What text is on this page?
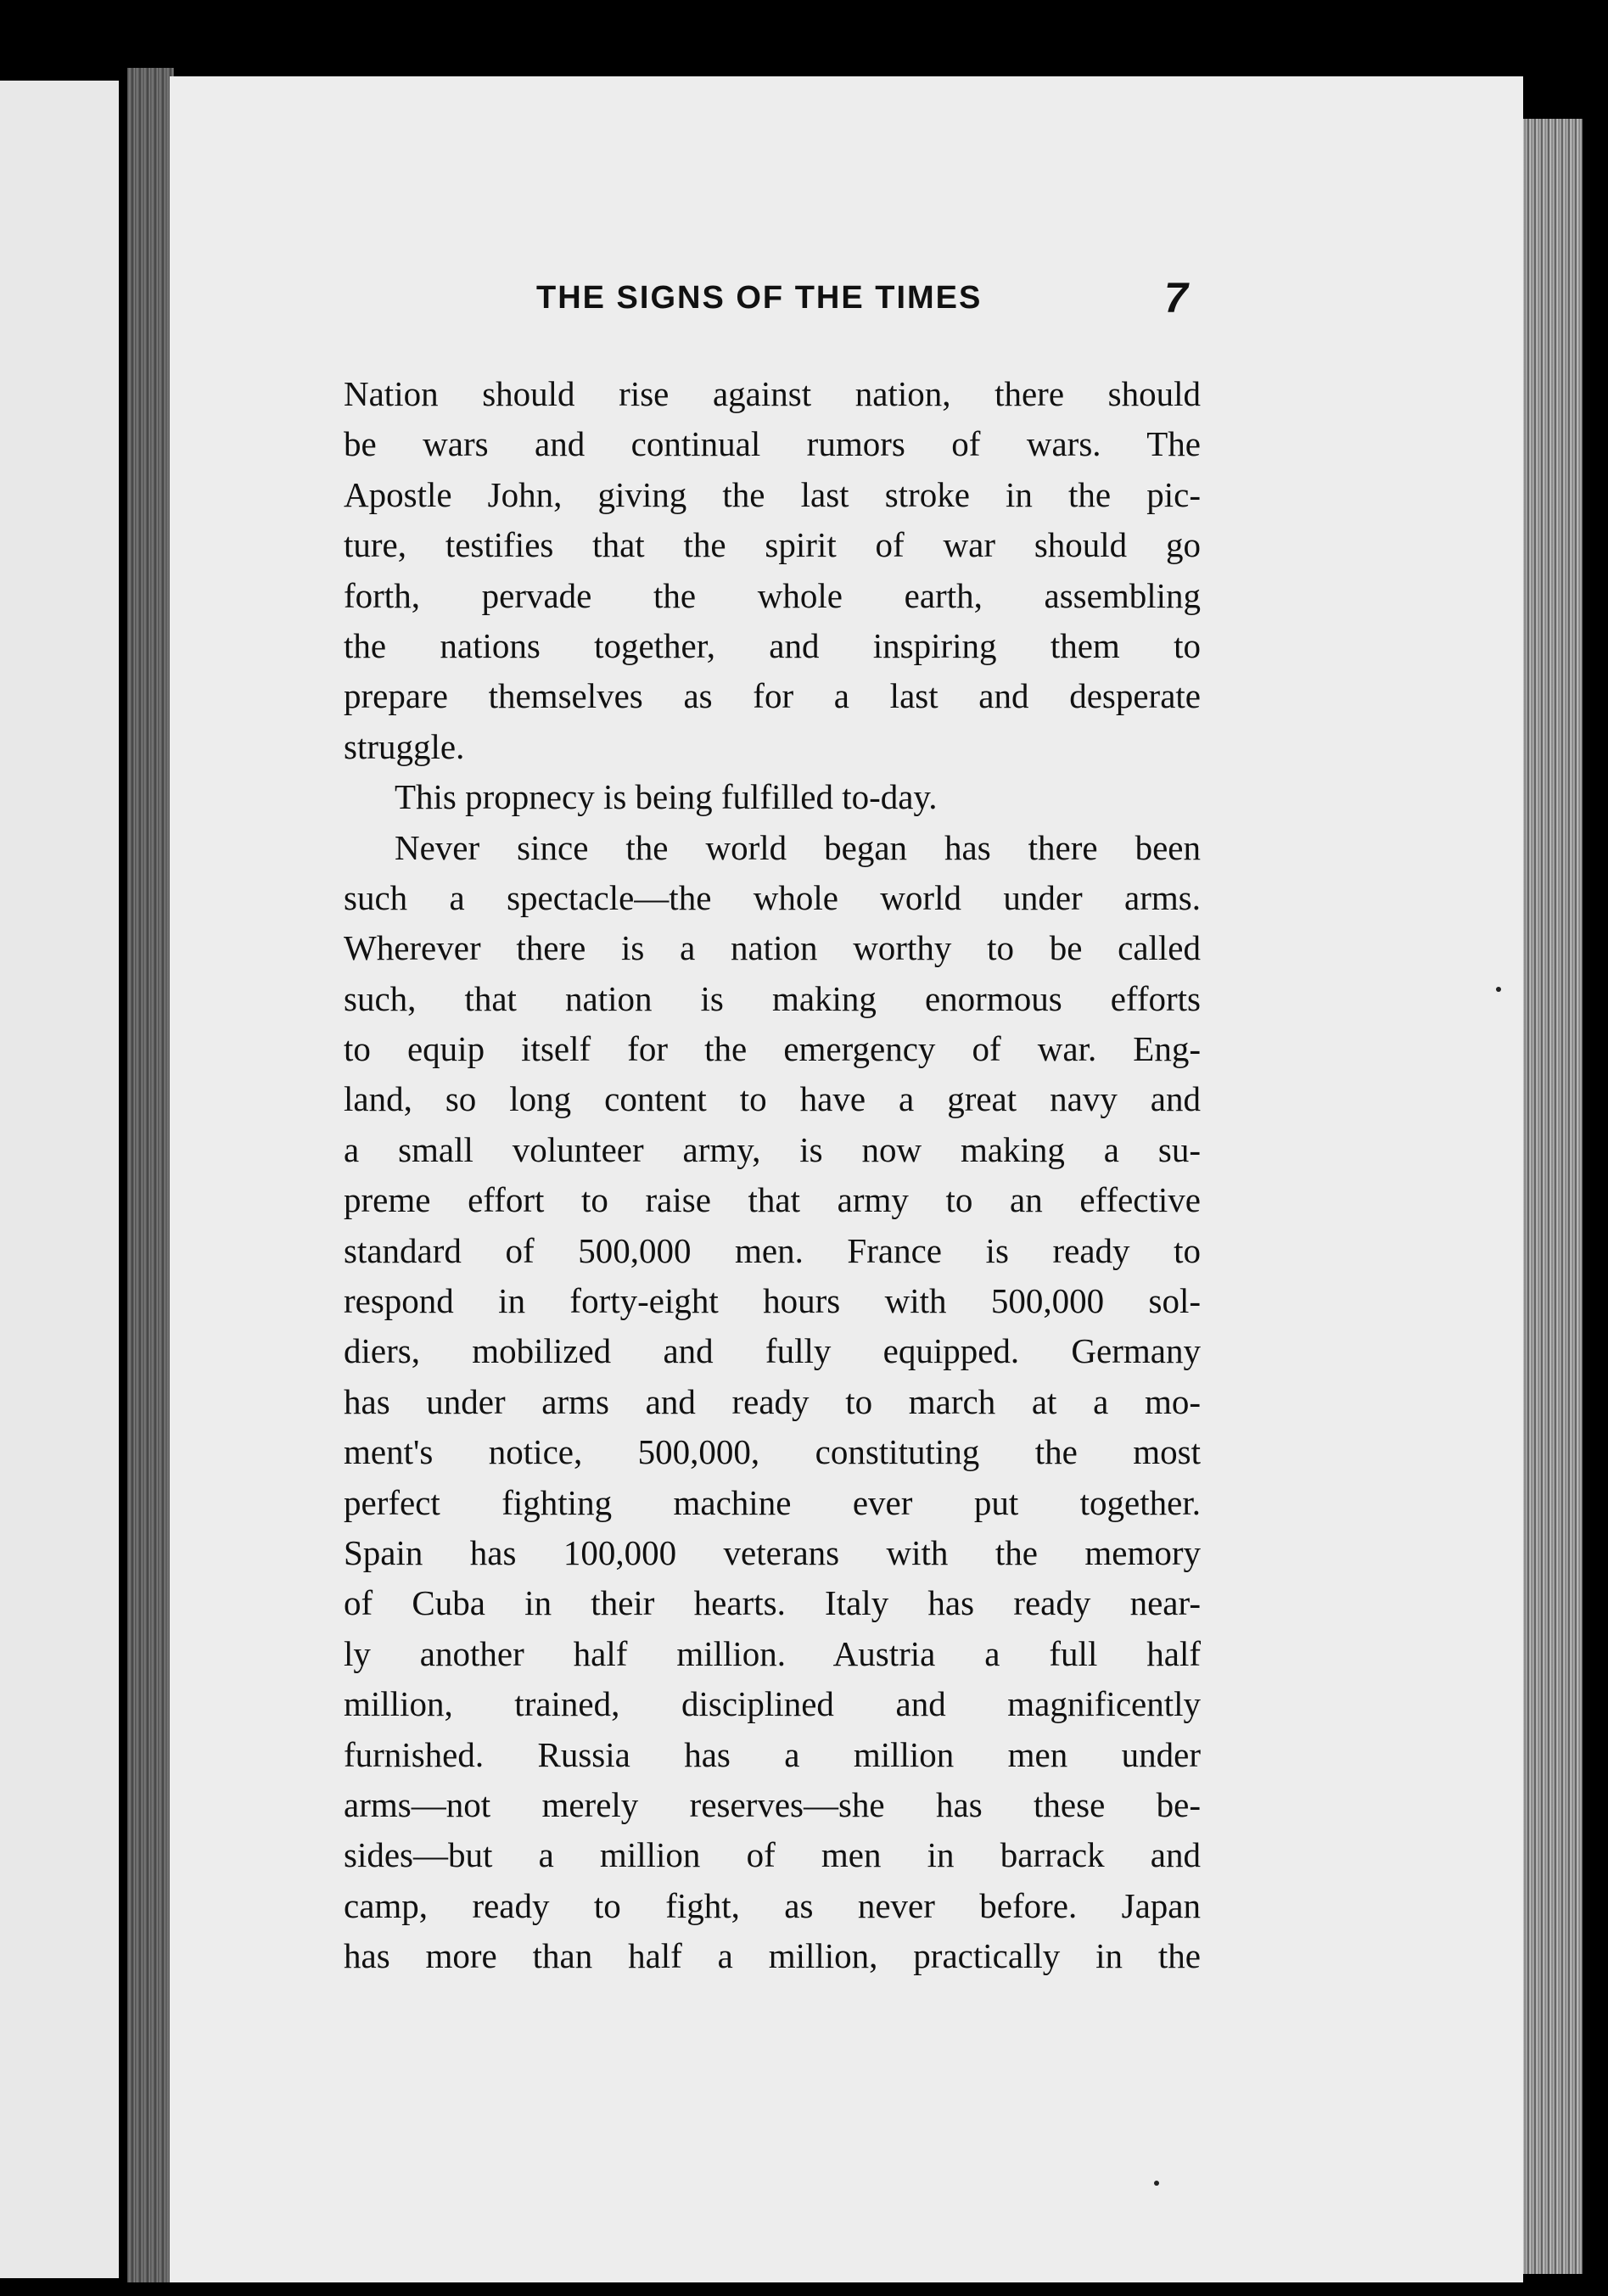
THE SIGNS OF THE TIMES	7
Nation should rise against nation, there should
be wars and continual rumors of wars. The
Apostle John, giving the last stroke in the pic-
ture, testifies that the spirit of war should go
forth, pervade the whole earth, assembling
the nations together, and inspiring them to
prepare themselves as for a last and desperate
struggle.
This propnecy is being fulfilled to-day.
Never since the world began has there been
such a spectacle—the whole world under arms.
Wherever there is a nation worthy to be called
such, that nation is making enormous efforts
to equip itself for the emergency of war. Eng-
land, so long content to have a great navy and
a small volunteer army, is now making a su-
preme effort to raise that army to an effective
standard of 500,000 men. France is ready to
respond in forty-eight hours with 500,000 sol-
diers, mobilized and fully equipped. Germany
has under arms and ready to march at a mo-
ment's notice, 500,000, constituting the most
perfect fighting machine ever put together.
Spain has 100,000 veterans with the memory
of Cuba in their hearts. Italy has ready near-
ly another half million. Austria a full half
million, trained, disciplined and magnificently
furnished. Russia has a million men under
arms—not merely reserves—she has these be-
sides—but a million of men in barrack and
camp, ready to fight, as never before. Japan
has more than half a million, practically in the
